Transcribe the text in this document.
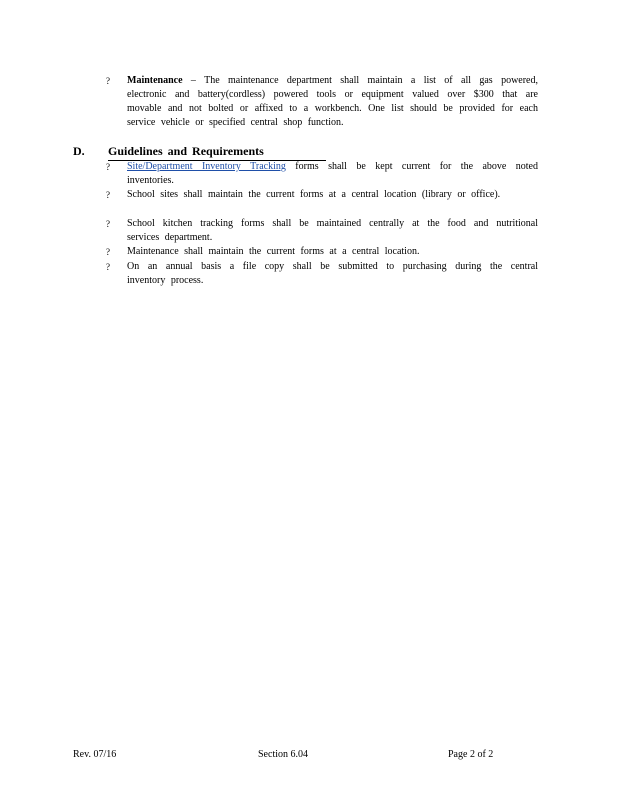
?	Maintenance – The maintenance department shall maintain a list of all gas powered, electronic and battery(cordless) powered tools or equipment valued over $300 that are movable and not bolted or affixed to a workbench. One list should be provided for each service vehicle or specified central shop function.
D. Guidelines and Requirements
?	Site/Department Inventory Tracking forms shall be kept current for the above noted inventories.
?	School sites shall maintain the current forms at a central location (library or office).
?	School kitchen tracking forms shall be maintained centrally at the food and nutritional services department.
?	Maintenance shall maintain the current forms at a central location.
?	On an annual basis a file copy shall be submitted to purchasing during the central inventory process.
Rev. 07/16	Section 6.04	Page 2 of 2
